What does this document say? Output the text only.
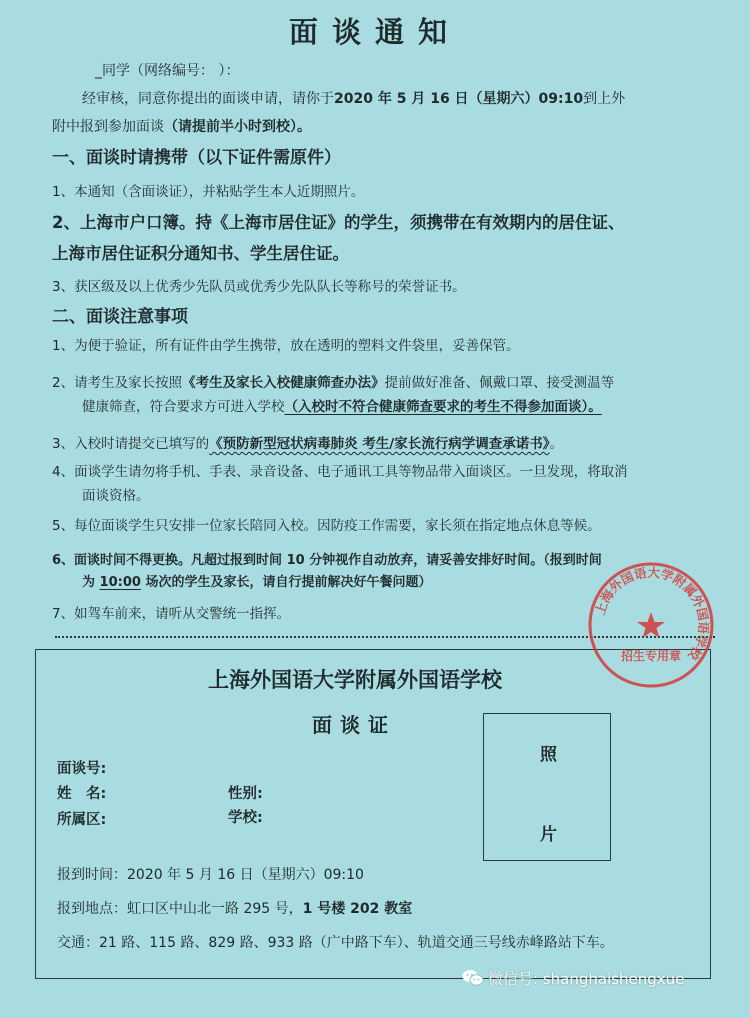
面谈通知
_同学（网络编号： ）：
经审核，同意你提出的面谈申请，请你于2020 年 5 月 16 日（星期六）09:10到上外
附中报到参加面谈（请提前半小时到校）。
一、面谈时请携带（以下证件需原件）
1、本通知（含面谈证），并粘贴学生本人近期照片。
2、上海市户口簿。持《上海市居住证》的学生，须携带在有效期内的居住证、
上海市居住证积分通知书、学生居住证。
3、获区级及以上优秀少先队员或优秀少先队队长等称号的荣誉证书。
二、面谈注意事项
1、为便于验证，所有证件由学生携带，放在透明的塑料文件袋里，妥善保管。
2、请考生及家长按照《考生及家长入校健康筛查办法》提前做好准备、佩戴口罩、接受测温等
健康筛查，符合要求方可进入学校（入校时不符合健康筛查要求的考生不得参加面谈）。
3、入校时请提交已填写的《预防新型冠状病毒肺炎 考生/家长流行病学调查承诺书》。
4、面谈学生请勿将手机、手表、录音设备、电子通讯工具等物品带入面谈区。一旦发现，将取消
面谈资格。
5、每位面谈学生只安排一位家长陪同入校。因防疫工作需要，家长须在指定地点休息等候。
6、面谈时间不得更换。凡超过报到时间 10 分钟视作自动放弃，请妥善安排好时间。（报到时间
为 10:00 场次的学生及家长，请自行提前解决好午餐问题）
7、如驾车前来，请听从交警统一指挥。
上海外国语大学附属外国语学校
面谈证
面谈号:
姓　名:	性别:
所属区:	学校:
照
片
报到时间：2020 年 5 月 16 日（星期六）09:10
报到地点：虹口区中山北一路 295 号，1 号楼 202 教室
交通：21 路、115 路、829 路、933 路（广中路下车）、轨道交通三号线赤峰路站下车。
上海外国语大学附属外国语学校
招生专用章
微信号: shanghaishengxue
